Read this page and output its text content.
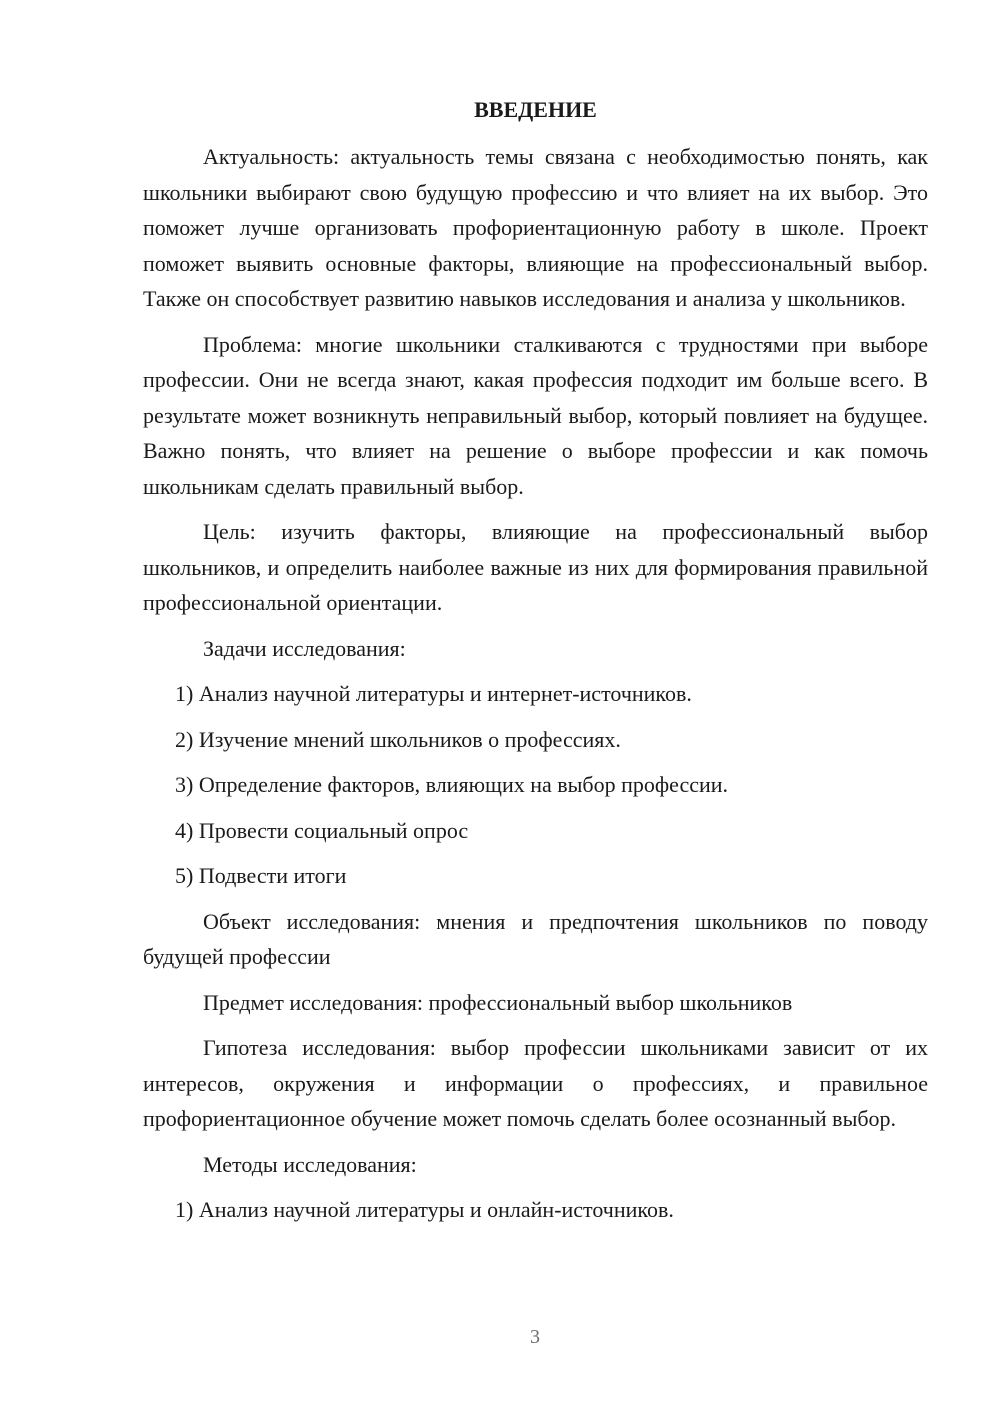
ВВЕДЕНИЕ

Актуальность: актуальность темы связана с необходимостью понять, как школьники выбирают свою будущую профессию и что влияет на их выбор. Это поможет лучше организовать профориентационную работу в школе. Проект поможет выявить основные факторы, влияющие на профессиональный выбор. Также он способствует развитию навыков исследования и анализа у школьников.

Проблема: многие школьники сталкиваются с трудностями при выборе профессии. Они не всегда знают, какая профессия подходит им больше всего. В результате может возникнуть неправильный выбор, который повлияет на будущее. Важно понять, что влияет на решение о выборе профессии и как помочь школьникам сделать правильный выбор.

Цель: изучить факторы, влияющие на профессиональный выбор школьников, и определить наиболее важные из них для формирования правильной профессиональной ориентации.

Задачи исследования:

1) Анализ научной литературы и интернет-источников.
2) Изучение мнений школьников о профессиях.
3) Определение факторов, влияющих на выбор профессии.
4) Провести социальный опрос
5) Подвести итоги

Объект исследования: мнения и предпочтения школьников по поводу будущей профессии

Предмет исследования: профессиональный выбор школьников

Гипотеза исследования: выбор профессии школьниками зависит от их интересов, окружения и информации о профессиях, и правильное профориентационное обучение может помочь сделать более осознанный выбор.

Методы исследования:

1) Анализ научной литературы и онлайн-источников.
3
